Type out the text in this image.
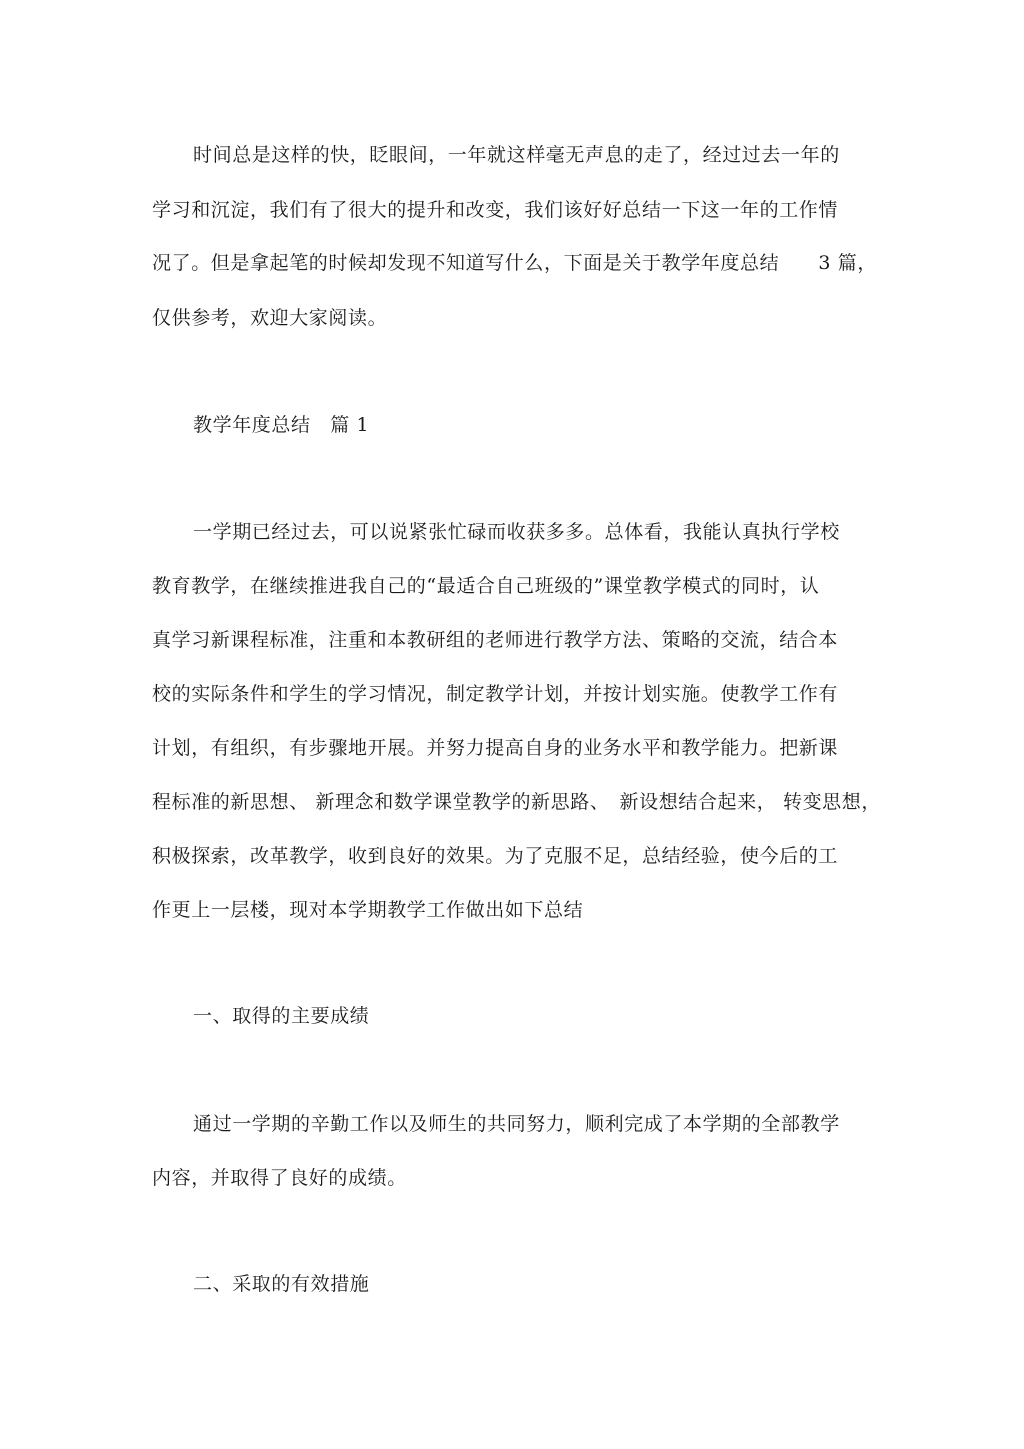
时间总是这样的快，眨眼间，一年就这样毫无声息的走了，经过过去一年的
学习和沉淀，我们有了很大的提升和改变，我们该好好总结一下这一年的工作情
况了。但是拿起笔的时候却发现不知道写什么，下面是关于教学年度总结　　3 篇，
仅供参考，欢迎大家阅读。
教学年度总结　篇 1
一学期已经过去，可以说紧张忙碌而收获多多。总体看，我能认真执行学校
教育教学，在继续推进我自己的“最适合自己班级的”课堂教学模式的同时，认
真学习新课程标准，注重和本教研组的老师进行教学方法、策略的交流，结合本
校的实际条件和学生的学习情况，制定教学计划，并按计划实施。使教学工作有
计划，有组织，有步骤地开展。并努力提高自身的业务水平和教学能力。把新课
程标准的新思想、 新理念和数学课堂教学的新思路、　新设想结合起来， 转变思想，
积极探索，改革教学，收到良好的效果。为了克服不足，总结经验，使今后的工
作更上一层楼，现对本学期教学工作做出如下总结
一、取得的主要成绩
通过一学期的辛勤工作以及师生的共同努力，顺利完成了本学期的全部教学
内容，并取得了良好的成绩。
二、采取的有效措施
